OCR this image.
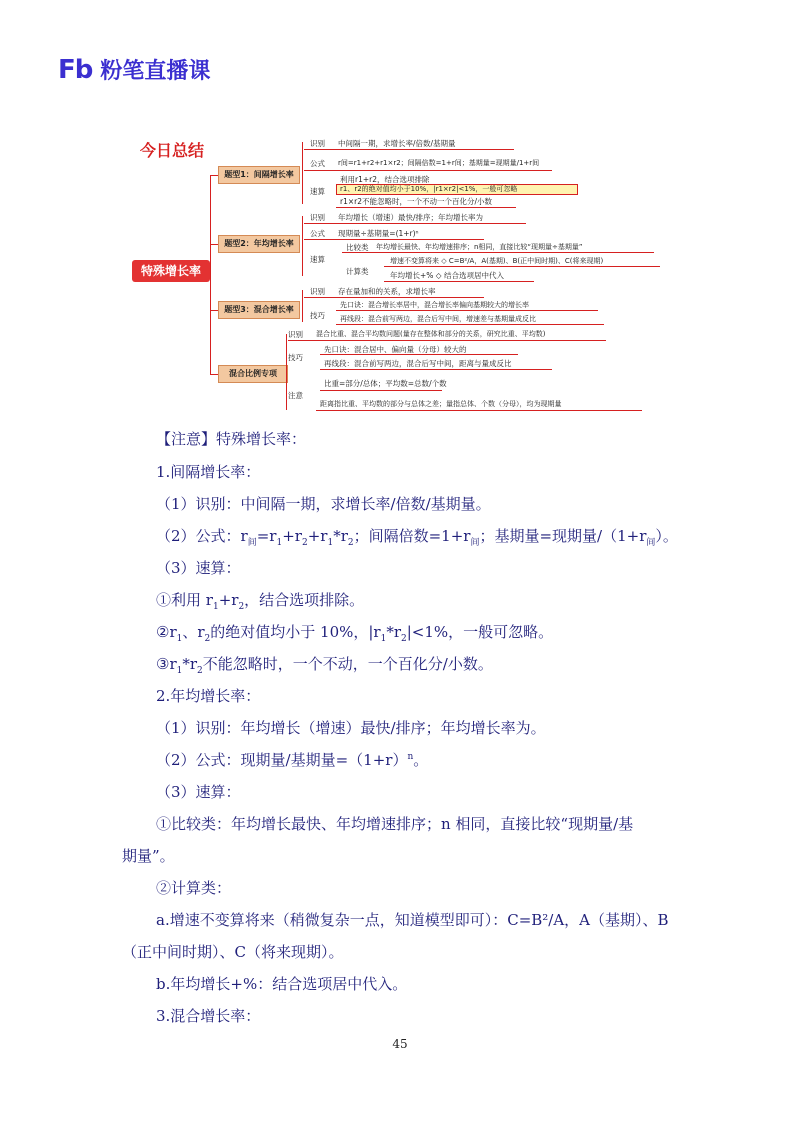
Fb 粉笔直播课
今日总结
特殊增长率
题型1：间隔增长率
题型2：年均增长率
题型3：混合增长率
混合比例专项
识别 中间隔一期，求增长率/倍数/基期量
公式 r间=r1+r2+r1×r2；间隔倍数=1+r间；基期量=现期量/1+r间
速算
利用r1+r2，结合选项排除
r1、r2的绝对值均小于10%，|r1×r2|<1%，一般可忽略
r1×r2不能忽略时，一个不动一个百化分/小数
识别 年均增长（增速）最快/排序；年均增长率为
公式 现期量÷基期量=(1+r)ⁿ
速算
比较类 年均增长最快、年均增速排序；n相同，直接比较“现期量÷基期量”
计算类
增速不变算将来 ◇ C=B²/A，A(基期)、B(正中间时期)、C(将来现期)
年均增长+% ◇ 结合选项居中代入
识别 存在量加和的关系，求增长率
技巧
先口诀：混合增长率居中，混合增长率偏向基期较大的增长率
再线段：混合前写两边，混合后写中间，增速差与基期量成反比
识别 混合比重、混合平均数问题(量存在整体和部分的关系，研究比重、平均数)
技巧
先口诀：混合居中、偏向量（分母）较大的
再线段：混合前写两边，混合后写中间，距离与量成反比
注意
比重=部分/总体；平均数=总数/个数
距离指比重、平均数的部分与总体之差；量指总体、个数（分母），均为现期量
【注意】特殊增长率：
1.间隔增长率：
（1）识别：中间隔一期，求增长率/倍数/基期量。
（2）公式：$r_间=r_1+r_2+r_1*r_2$；间隔倍数$=1+r_间$；基期量=现期量$/(1+r_间)$。
（3）速算：
①利用 $r_1+r_2$，结合选项排除。
$②r_1$、$r_2$的绝对值均小于 10%，$|r_1*r_2|<1\%$，一般可忽略。
$③r_1*r_2$不能忽略时，一个不动，一个百化分/小数。
2.年均增长率：
（1）识别：年均增长（增速）最快/排序；年均增长率为。
（2）公式：现期量/基期量$=(1+r)^n$。
（3）速算：
①比较类：年均增长最快、年均增速排序；n 相同，直接比较“现期量/基
期量”。
②计算类：
a.增速不变算将来（稍微复杂一点，知道模型即可）：C=B²/A，A（基期）、B
（正中间时期）、C（将来现期）。
b.年均增长+%：结合选项居中代入。
3.混合增长率：
45
